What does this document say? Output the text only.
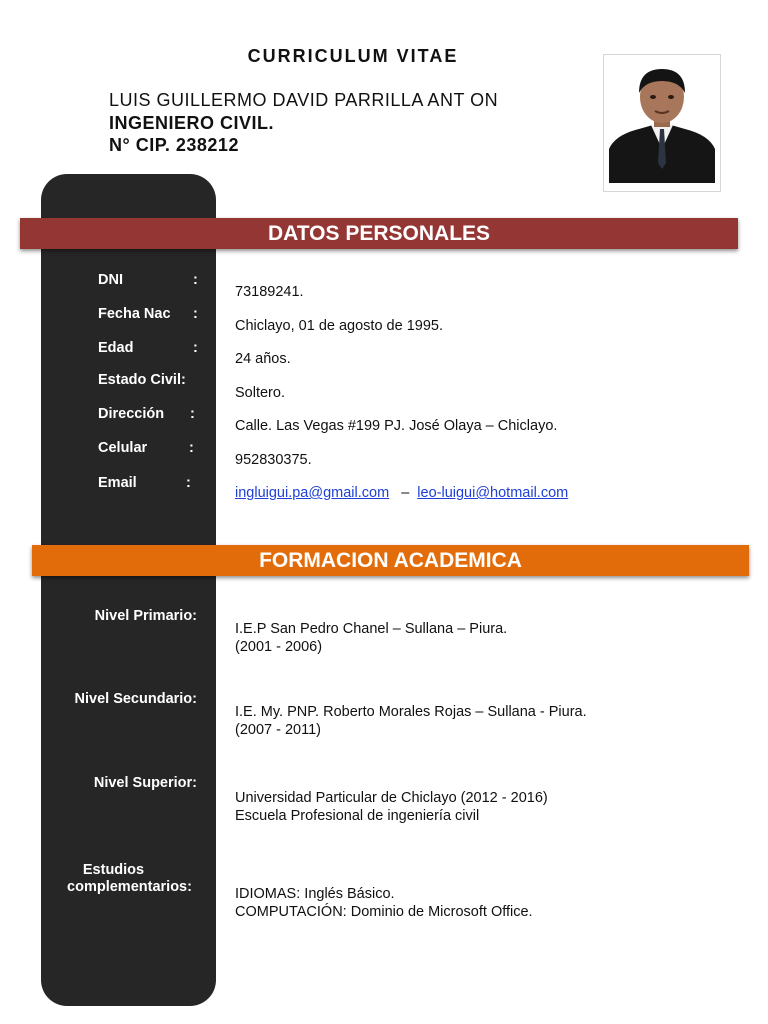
CURRICULUM VITAE
LUIS GUILLERMO DAVID PARRILLA ANT ON
INGENIERO CIVIL.
N° CIP. 238212
DATOS PERSONALES
DNI	:
73189241.
Fecha Nac :
Chiclayo, 01 de agosto de 1995.
Edad	:
24 años.
Estado Civil:
Soltero.
Dirección :
Calle. Las Vegas #199 PJ. José Olaya – Chiclayo.
Celular	:
952830375.
Email	:
ingluigui.pa@gmail.com – leo-luigui@hotmail.com
FORMACION ACADEMICA
Nivel Primario:
I.E.P San Pedro Chanel – Sullana – Piura.
(2001 - 2006)
Nivel Secundario:
I.E. My. PNP. Roberto Morales Rojas – Sullana - Piura.
(2007 - 2011)
Nivel Superior:
Universidad Particular de Chiclayo (2012 - 2016)
Escuela Profesional de ingeniería civil
Estudios
complementarios:	IDIOMAS: Inglés Básico.
COMPUTACIÓN: Dominio de Microsoft Office.
